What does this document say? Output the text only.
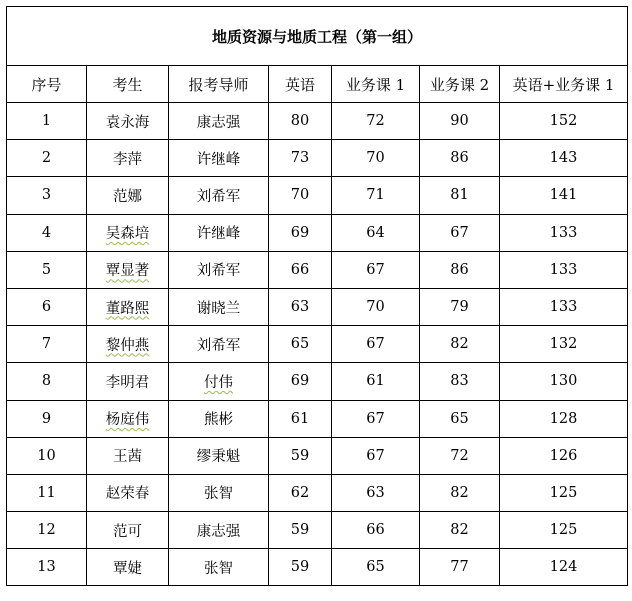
地质资源与地质工程（第一组）						
序号	考生	报考导师	英语	业务课 1	业务课 2	英语+业务课 1
1	袁永海	康志强	80	72	90	152
2	李萍	许继峰	73	70	86	143
3	范娜	刘希军	70	71	81	141
4	吴森培	许继峰	69	64	67	133
5	覃显著	刘希军	66	67	86	133
6	董路熙	谢晓兰	63	70	79	133
7	黎仲燕	刘希军	65	67	82	132
8	李明君	付伟	69	61	83	130
9	杨庭伟	熊彬	61	67	65	128
10	王茜	缪秉魁	59	67	72	126
11	赵荣春	张智	62	63	82	125
12	范可	康志强	59	66	82	125
13	覃婕	张智	59	65	77	124
